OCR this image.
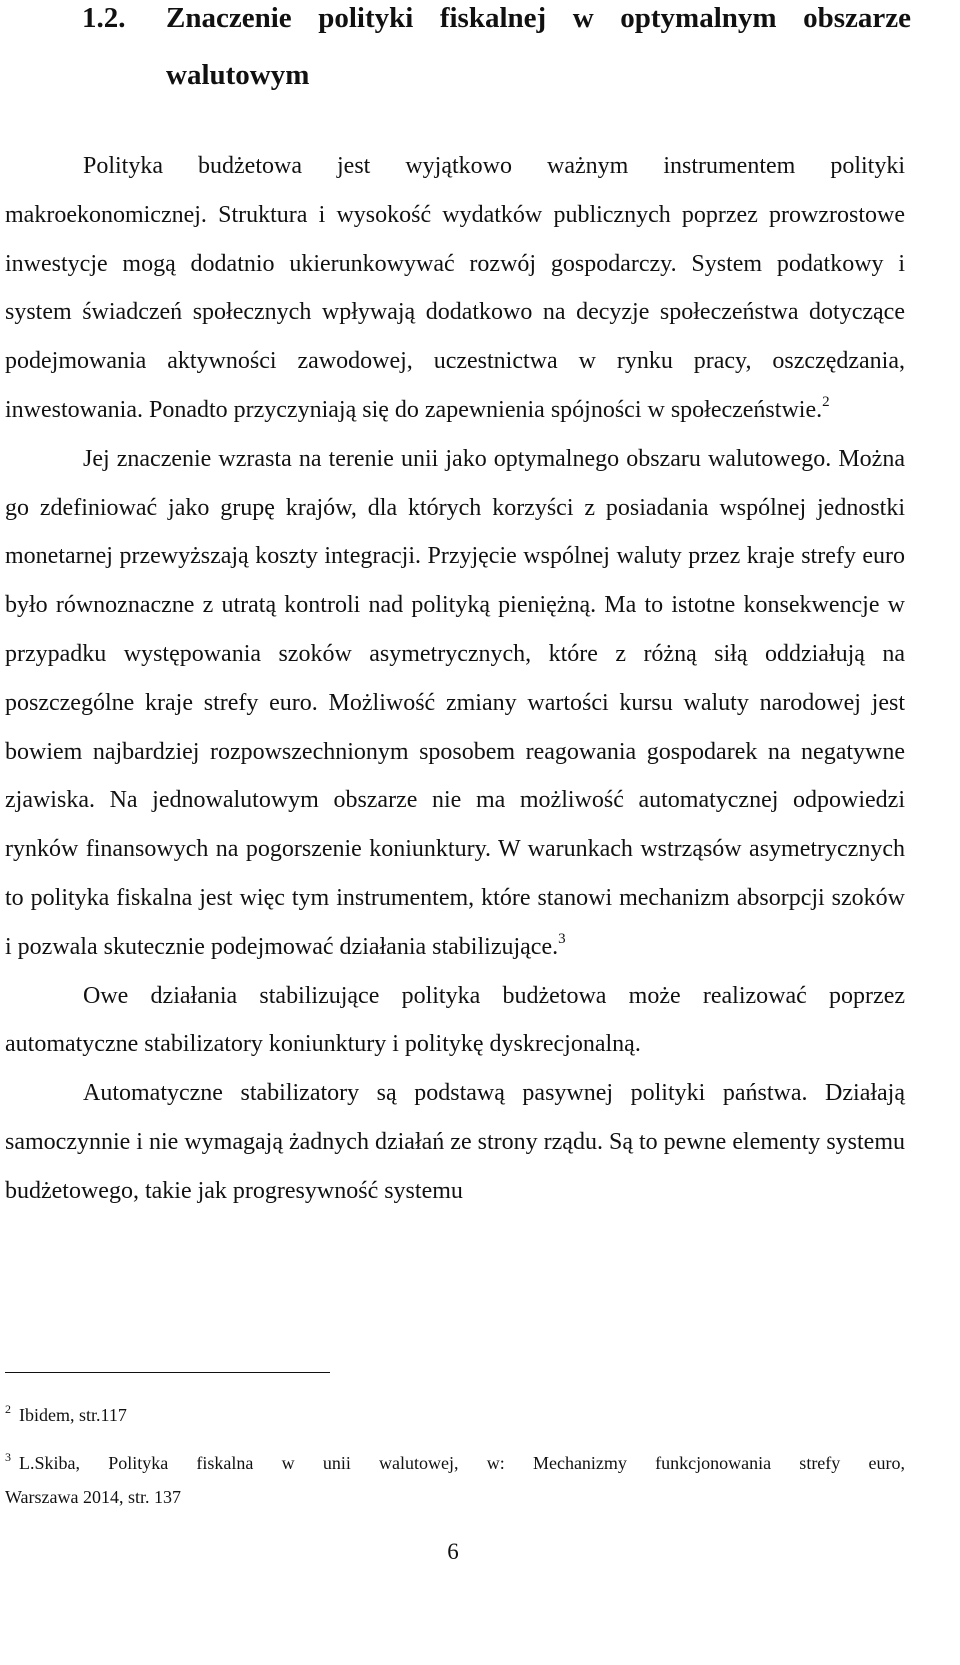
1.2. Znaczenie polityki fiskalnej w optymalnym obszarze
walutowym

Polityka budżetowa jest wyjątkowo ważnym instrumentem polityki makroekonomicznej. Struktura i wysokość wydatków publicznych poprzez prowzrostowe inwestycje mogą dodatnio ukierunkowywać rozwój gospodarczy. System podatkowy i system świadczeń społecznych wpływają dodatkowo na decyzje społeczeństwa dotyczące podejmowania aktywności zawodowej, uczestnictwa w rynku pracy, oszczędzania, inwestowania. Ponadto przyczyniają się do zapewnienia spójności w społeczeństwie.$^2$

Jej znaczenie wzrasta na terenie unii jako optymalnego obszaru walutowego. Można go zdefiniować jako grupę krajów, dla których korzyści z posiadania wspólnej jednostki monetarnej przewyższają koszty integracji. Przyjęcie wspólnej waluty przez kraje strefy euro było równoznaczne z utratą kontroli nad polityką pieniężną. Ma to istotne konsekwencje w przypadku występowania szoków asymetrycznych, które z różną siłą oddziałują na poszczególne kraje strefy euro. Możliwość zmiany wartości kursu waluty narodowej jest bowiem najbardziej rozpowszechnionym sposobem reagowania gospodarek na negatywne zjawiska. Na jednowalutowym obszarze nie ma możliwość automatycznej odpowiedzi rynków finansowych na pogorszenie koniunktury. W warunkach wstrząsów asymetrycznych to polityka fiskalna jest więc tym instrumentem, które stanowi mechanizm absorpcji szoków i pozwala skutecznie podejmować działania stabilizujące.$^3$

Owe działania stabilizujące polityka budżetowa może realizować poprzez automatyczne stabilizatory koniunktury i politykę dyskrecjonalną.

Automatyczne stabilizatory są podstawą pasywnej polityki państwa. Działają samoczynnie i nie wymagają żadnych działań ze strony rządu. Są to pewne elementy systemu budżetowego, takie jak progresywność systemu

$^2$ Ibidem, str.117
$^3$ L.Skiba, Polityka fiskalna w unii walutowej, w: Mechanizmy funkcjonowania strefy euro,
Warszawa 2014, str. 137
6
